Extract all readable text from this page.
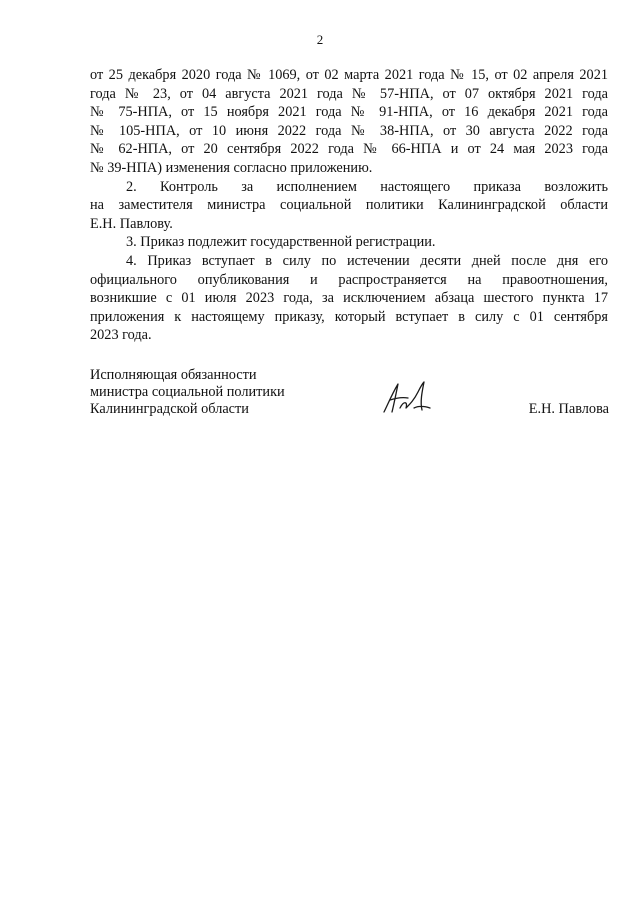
2
от 25 декабря 2020 года № 1069, от 02 марта 2021 года № 15, от 02 апреля 2021
года № 23, от 04 августа 2021 года № 57-НПА, от 07 октября 2021 года
№ 75-НПА, от 15 ноября 2021 года № 91-НПА, от 16 декабря 2021 года
№ 105-НПА, от 10 июня 2022 года № 38-НПА, от 30 августа 2022 года
№ 62-НПА, от 20 сентября 2022 года № 66-НПА и от 24 мая 2023 года
№ 39-НПА) изменения согласно приложению.
2. Контроль за исполнением настоящего приказа возложить
на заместителя министра социальной политики Калининградской области
Е.Н. Павлову.
3. Приказ подлежит государственной регистрации.
4. Приказ вступает в силу по истечении десяти дней после дня его
официального опубликования и распространяется на правоотношения,
возникшие с 01 июля 2023 года, за исключением абзаца шестого пункта 17
приложения к настоящему приказу, который вступает в силу с 01 сентября
2023 года.
Исполняющая обязанности
министра социальной политики
Калининградской области	Е.Н. Павлова
